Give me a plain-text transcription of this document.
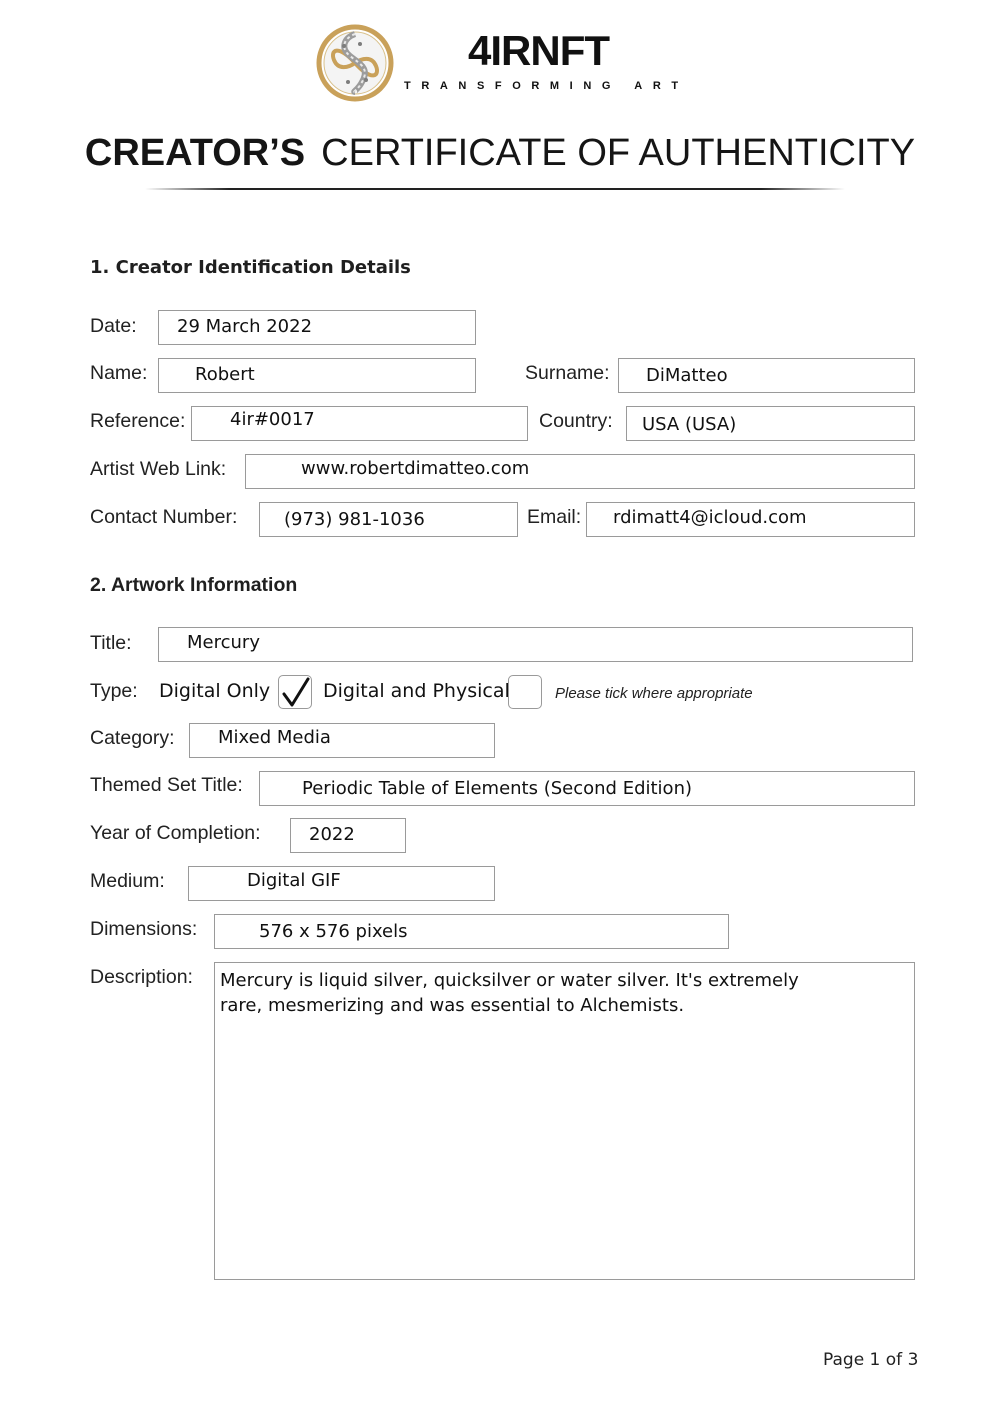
4IRNFT
TRANSFORMING ART
CREATOR’S CERTIFICATE OF AUTHENTICITY
1. Creator Identification Details
Date: 29 March 2022
Name:	Robert	Surname: DiMatteo
Reference: 4ir#0017	Country: USA (USA)
Artist Web Link:	www.robertdimatteo.com
Contact Number:	(973) 981-1036	Email: rdimatt4@icloud.com
2. Artwork Information
Title:	Mercury
Type: Digital Only	Digital and Physical	Please tick where appropriate
Category: Mixed Media
Themed Set Title:	Periodic Table of Elements (Second Edition)
Year of Completion:	2022
Medium:	Digital GIF
Dimensions:	576 x 576 pixels
Description: Mercury is liquid silver, quicksilver or water silver. It's extremely
rare, mesmerizing and was essential to Alchemists.
Page 1 of 3
